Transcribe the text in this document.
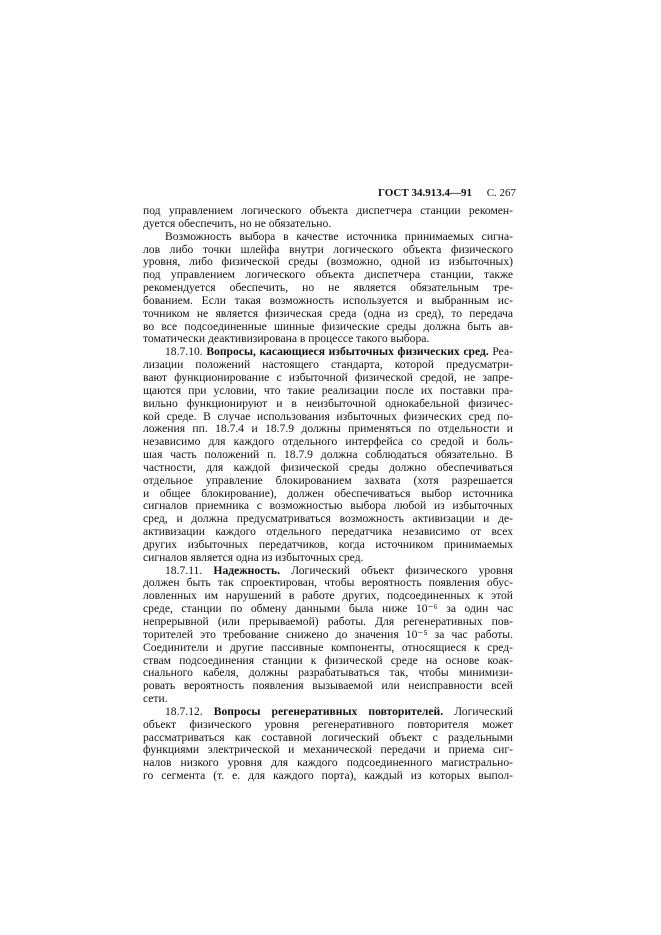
ГОСТ 34.913.4—91 С. 267

под управлением логического объекта диспетчера станции рекомен-
дуется обеспечить, но не обязательно.

Возможность выбора в качестве источника принимаемых сигна-
лов либо точки шлейфа внутри логического объекта физического
уровня, либо физической среды (возможно, одной из избыточных)
под управлением логического объекта диспетчера станции, также
рекомендуется обеспечить, но не является обязательным тре-
бованием. Если такая возможность используется и выбранным ис-
точником не является физическая среда (одна из сред), то передача
во все подсоединенные шинные физические среды должна быть ав-
томатически деактивизирована в процессе такого выбора.

18.7.10. Вопросы, касающиеся избыточных физических сред. Реа-
лизации положений настоящего стандарта, которой предусматри-
вают функционирование с избыточной физической средой, не запре-
щаются при условии, что такие реализации после их поставки пра-
вильно функционируют и в неизбыточной однокабельной физичес-
кой среде. В случае использования избыточных физических сред по-
ложения пп. 18.7.4 и 18.7.9 должны применяться по отдельности и
независимо для каждого отдельного интерфейса со средой и боль-
шая часть положений п. 18.7.9 должна соблюдаться обязательно. В
частности, для каждой физической среды должно обеспечиваться
отдельное управление блокированием захвата (хотя разрешается
и общее блокирование), должен обеспечиваться выбор источника
сигналов приемника с возможностью выбора любой из избыточных
сред, и должна предусматриваться возможность активизации и де-
активизации каждого отдельного передатчика независимо от всех
других избыточных передатчиков, когда источником принимаемых
сигналов является одна из избыточных сред.

18.7.11. Надежность. Логический объект физического уровня
должен быть так спроектирован, чтобы вероятность появления обус-
ловленных им нарушений в работе других, подсоединенных к этой
среде, станции по обмену данными была ниже 10⁻⁶ за один час
непрерывной (или прерываемой) работы. Для регенеративных пов-
торителей это требование снижено до значения 10⁻⁵ за час работы.
Соединители и другие пассивные компоненты, относящиеся к сред-
ствам подсоединения станции к физической среде на основе коак-
сиального кабеля, должны разрабатываться так, чтобы минимизи-
ровать вероятность появления вызываемой или неисправности всей
сети.

18.7.12. Вопросы регенеративных повторителей. Логический
объект физического уровня регенеративного повторителя может
рассматриваться как составной логический объект с раздельными
функциями электрической и механической передачи и приема сиг-
налов низкого уровня для каждого подсоединенного магистрально-
го сегмента (т. е. для каждого порта), каждый из которых выпол-
